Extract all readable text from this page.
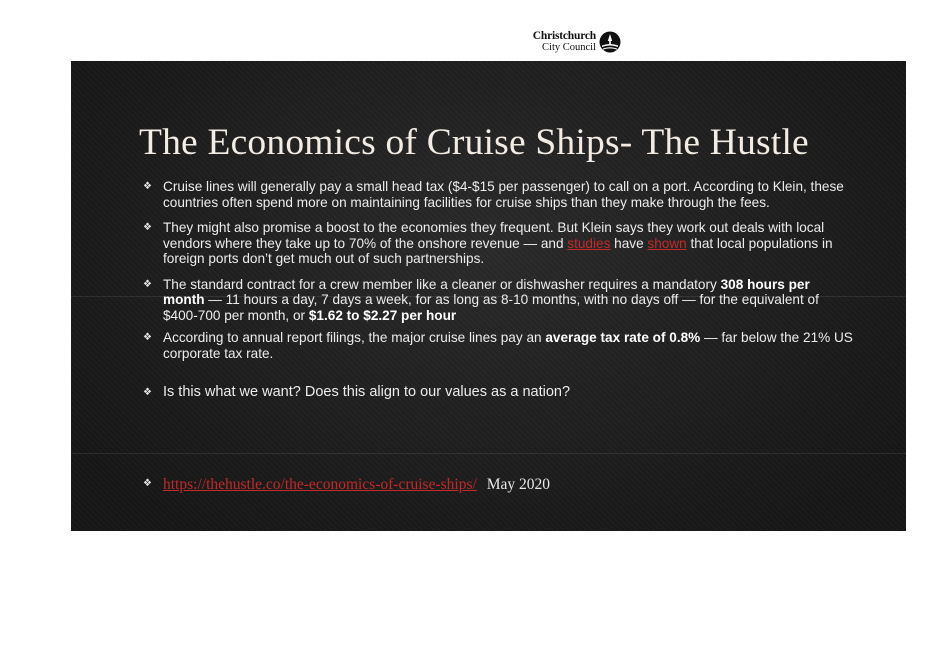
Christchurch
City Council
The Economics of Cruise Ships- The Hustle
❖ Cruise lines will generally pay a small head tax ($4-$15 per passenger) to call on a port. According to Klein, these countries often spend more on maintaining facilities for cruise ships than they make through the fees.
❖ They might also promise a boost to the economies they frequent. But Klein says they work out deals with local vendors where they take up to 70% of the onshore revenue — and studies have shown that local populations in foreign ports don’t get much out of such partnerships.
❖ The standard contract for a crew member like a cleaner or dishwasher requires a mandatory 308 hours per month — 11 hours a day, 7 days a week, for as long as 8-10 months, with no days off — for the equivalent of $400-700 per month, or $1.62 to $2.27 per hour
❖ According to annual report filings, the major cruise lines pay an average tax rate of 0.8% — far below the 21% US corporate tax rate.
❖ Is this what we want? Does this align to our values as a nation?
❖ https://thehustle.co/the-economics-of-cruise-ships/ May 2020
